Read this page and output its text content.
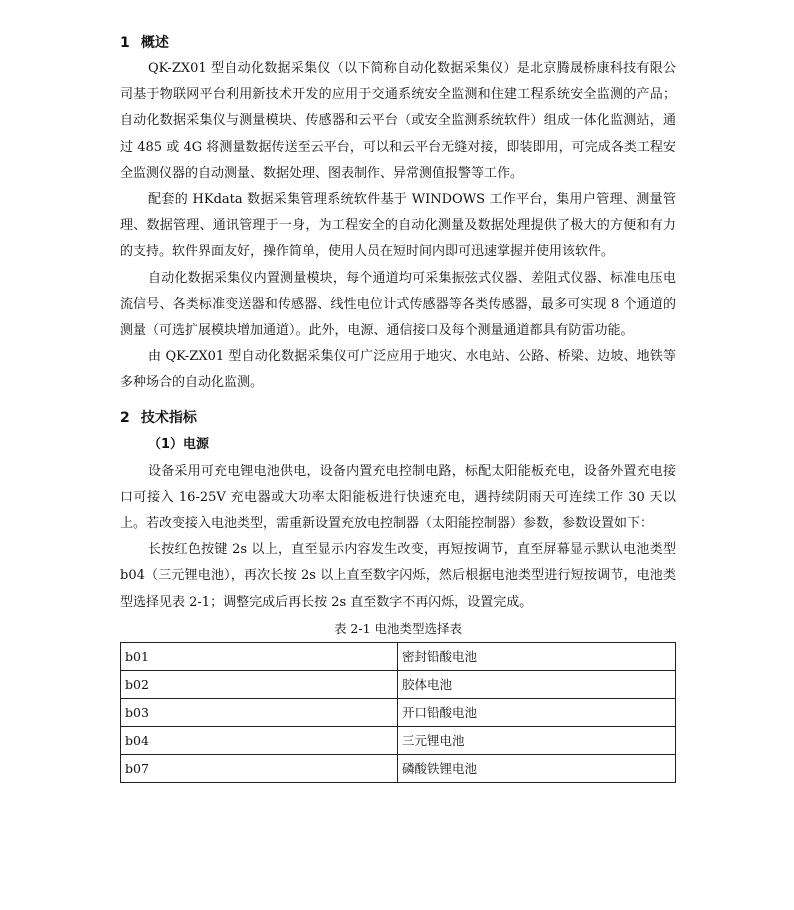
1 概述

QK-ZX01 型自动化数据采集仪（以下简称自动化数据采集仪）是北京腾晟桥康科技有限公司基于物联网平台利用新技术开发的应用于交通系统安全监测和住建工程系统安全监测的产品；自动化数据采集仪与测量模块、传感器和云平台（或安全监测系统软件）组成一体化监测站，通过 485 或 4G 将测量数据传送至云平台，可以和云平台无缝对接，即装即用，可完成各类工程安全监测仪器的自动测量、数据处理、图表制作、异常测值报警等工作。

配套的 HKdata 数据采集管理系统软件基于 WINDOWS 工作平台，集用户管理、测量管理、数据管理、通讯管理于一身，为工程安全的自动化测量及数据处理提供了极大的方便和有力的支持。软件界面友好，操作简单，使用人员在短时间内即可迅速掌握并使用该软件。

自动化数据采集仪内置测量模块，每个通道均可采集振弦式仪器、差阻式仪器、标准电压电流信号、各类标准变送器和传感器、线性电位计式传感器等各类传感器，最多可实现 8 个通道的测量（可选扩展模块增加通道）。此外，电源、通信接口及每个测量通道都具有防雷功能。

由 QK-ZX01 型自动化数据采集仪可广泛应用于地灾、水电站、公路、桥梁、边坡、地铁等多种场合的自动化监测。

2 技术指标
（1）电源

设备采用可充电锂电池供电，设备内置充电控制电路，标配太阳能板充电，设备外置充电接口可接入 16-25V 充电器或大功率太阳能板进行快速充电，遇持续阴雨天可连续工作 30 天以上。若改变接入电池类型，需重新设置充放电控制器（太阳能控制器）参数，参数设置如下：

长按红色按键 2s 以上，直至显示内容发生改变，再短按调节，直至屏幕显示默认电池类型 b04（三元锂电池），再次长按 2s 以上直至数字闪烁，然后根据电池类型进行短按调节，电池类型选择见表 2-1；调整完成后再长按 2s 直至数字不再闪烁，设置完成。

表 2-1 电池类型选择表

b01	密封铅酸电池
b02	胶体电池
b03	开口铅酸电池
b04	三元锂电池
b07	磷酸铁锂电池
